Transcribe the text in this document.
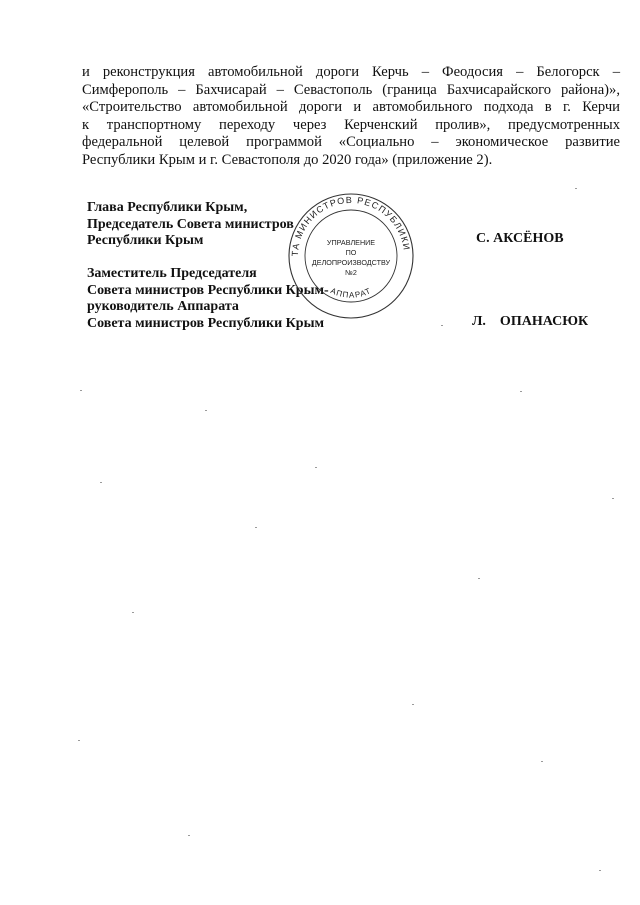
и реконструкция автомобильной дороги Керчь – Феодосия – Белогорск –

Симферополь – Бахчисарай – Севастополь (граница Бахчисарайского района)»,

«Строительство автомобильной дороги и автомобильного подхода в г. Керчи

к транспортному переходу через Керченский пролив», предусмотренных

федеральной целевой программой «Социально – экономическое развитие

Республики Крым и г. Севастополя до 2020 года» (приложение 2).

Глава Республики Крым,
Председатель Совета министров
Республики Крым	С. АКСЁНОВ
Заместитель Председателя
Совета министров Республики Крым-
руководитель Аппарата
Совета министров Республики Крым	Л.    ОПАНАСЮК
СОВЕТА МИНИСТРОВ РЕСПУБЛИКИ КРЫМ
АППАРАТ
УПРАВЛЕНИЕ
ПО
ДЕЛОПРОИЗВОДСТВУ
№2
